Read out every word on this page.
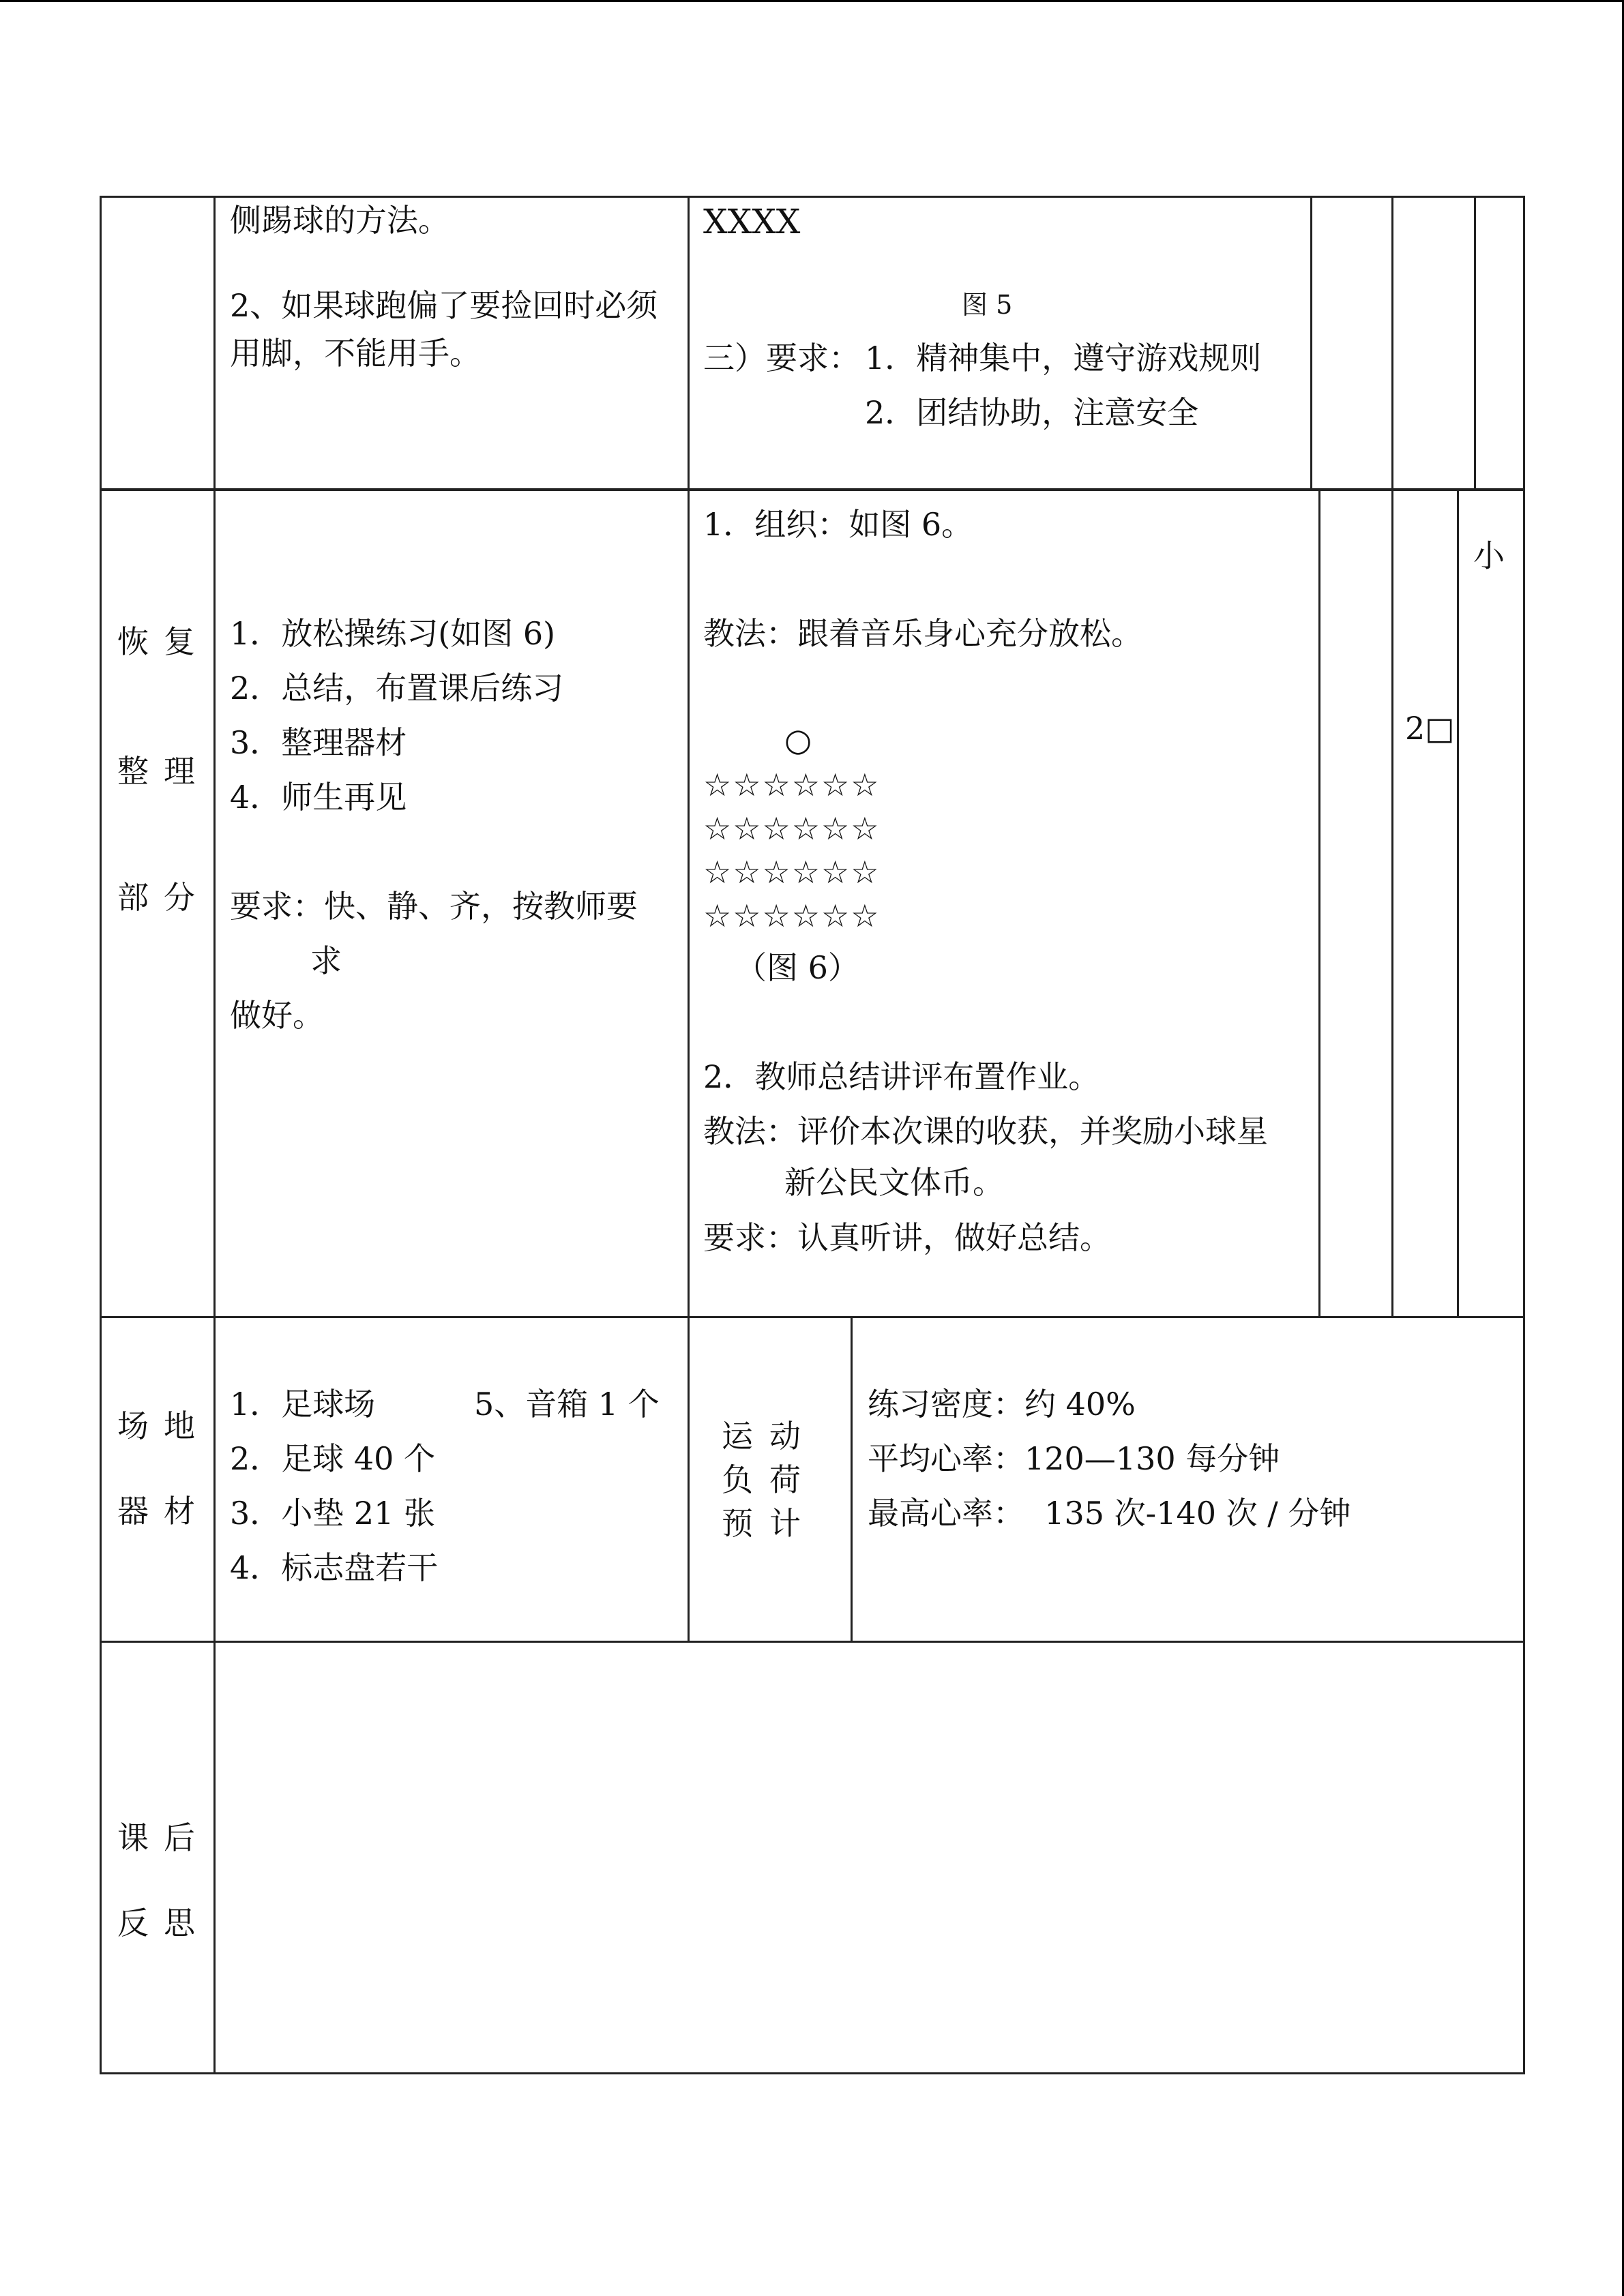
侧踢球的方法。
2、如果球跑偏了要捡回时必须
用脚，不能用手。
XXXX
图 5
三）要求： 1．精神集中，遵守游戏规则
2．团结协助，注意安全
恢 复
整 理
部 分
1．放松操练习(如图 6)
2．总结，布置课后练习
3．整理器材
4．师生再见
要求：快、静、齐，按教师要
求
做好。
1．组织：如图 6。
教法：跟着音乐身心充分放松。
○
☆☆☆☆☆☆
☆☆☆☆☆☆
☆☆☆☆☆☆
☆☆☆☆☆☆
（图 6）
2．教师总结讲评布置作业。
教法：评价本次课的收获，并奖励小球星
新公民文体币。
要求：认真听讲，做好总结。
2□
小
场 地
器 材
1．足球场	5、音箱 1 个
2．足球 40 个
3．小垫 21 张
4．标志盘若干
运 动
负 荷
预 计
练习密度：约 40%
平均心率：120—130 每分钟
最高心率：  135 次-140 次 / 分钟
课 后
反 思
